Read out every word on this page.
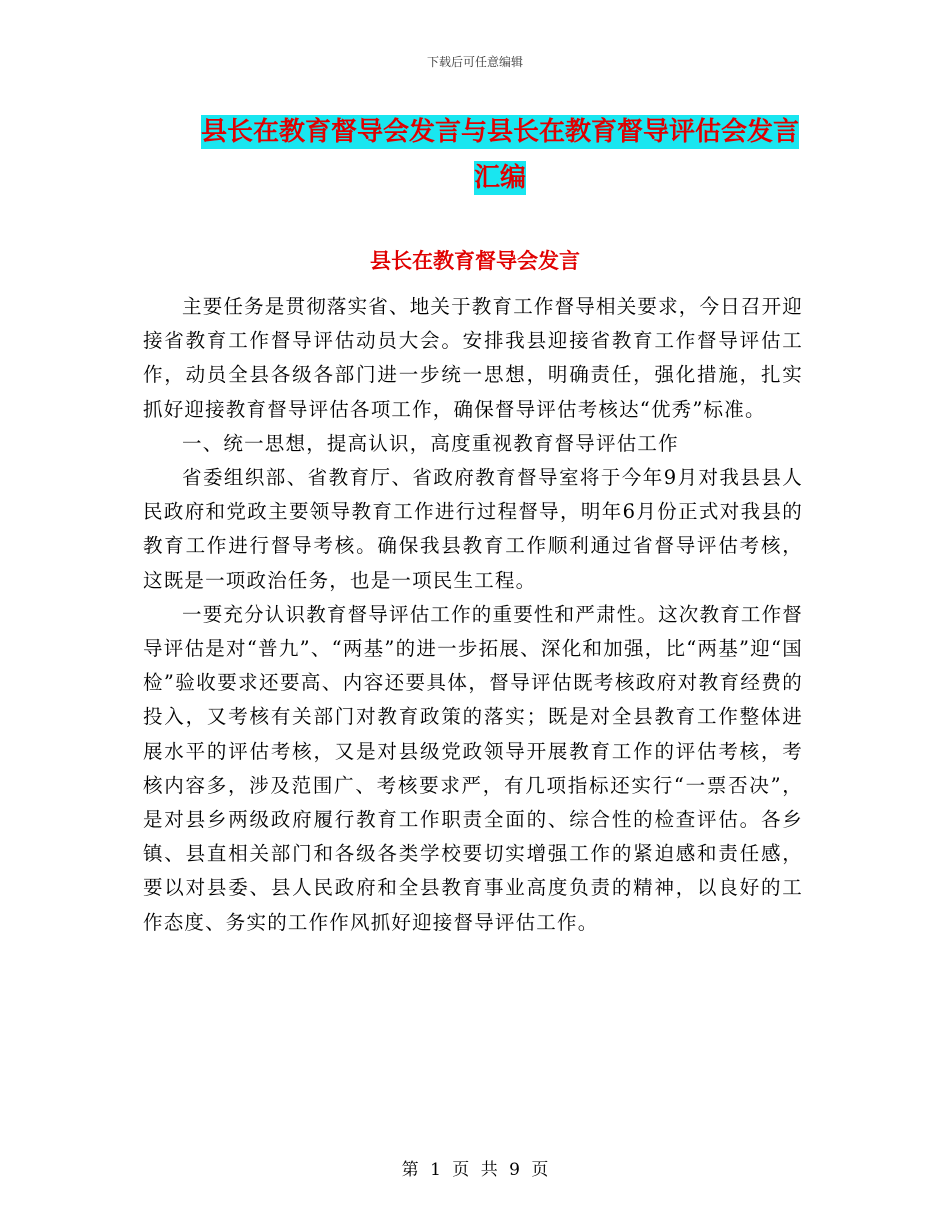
下载后可任意编辑
县长在教育督导会发言与县长在教育督导评估会发言
汇编
县长在教育督导会发言

主要任务是贯彻落实省、地关于教育工作督导相关要求，今日召开迎接省教育工作督导评估动员大会。安排我县迎接省教育工作督导评估工作，动员全县各级各部门进一步统一思想，明确责任，强化措施，扎实抓好迎接教育督导评估各项工作，确保督导评估考核达“优秀”标准。

一、统一思想，提高认识，高度重视教育督导评估工作

省委组织部、省教育厅、省政府教育督导室将于今年9月对我县县人民政府和党政主要领导教育工作进行过程督导，明年6月份正式对我县的教育工作进行督导考核。确保我县教育工作顺利通过省督导评估考核，这既是一项政治任务，也是一项民生工程。

一要充分认识教育督导评估工作的重要性和严肃性。这次教育工作督导评估是对“普九”、“两基”的进一步拓展、深化和加强，比“两基”迎“国检”验收要求还要高、内容还要具体，督导评估既考核政府对教育经费的投入，又考核有关部门对教育政策的落实；既是对全县教育工作整体进展水平的评估考核，又是对县级党政领导开展教育工作的评估考核，考核内容多，涉及范围广、考核要求严，有几项指标还实行“一票否决”，是对县乡两级政府履行教育工作职责全面的、综合性的检查评估。各乡镇、县直相关部门和各级各类学校要切实增强工作的紧迫感和责任感，要以对县委、县人民政府和全县教育事业高度负责的精神，以良好的工作态度、务实的工作作风抓好迎接督导评估工作。

第 1 页 共 9 页
